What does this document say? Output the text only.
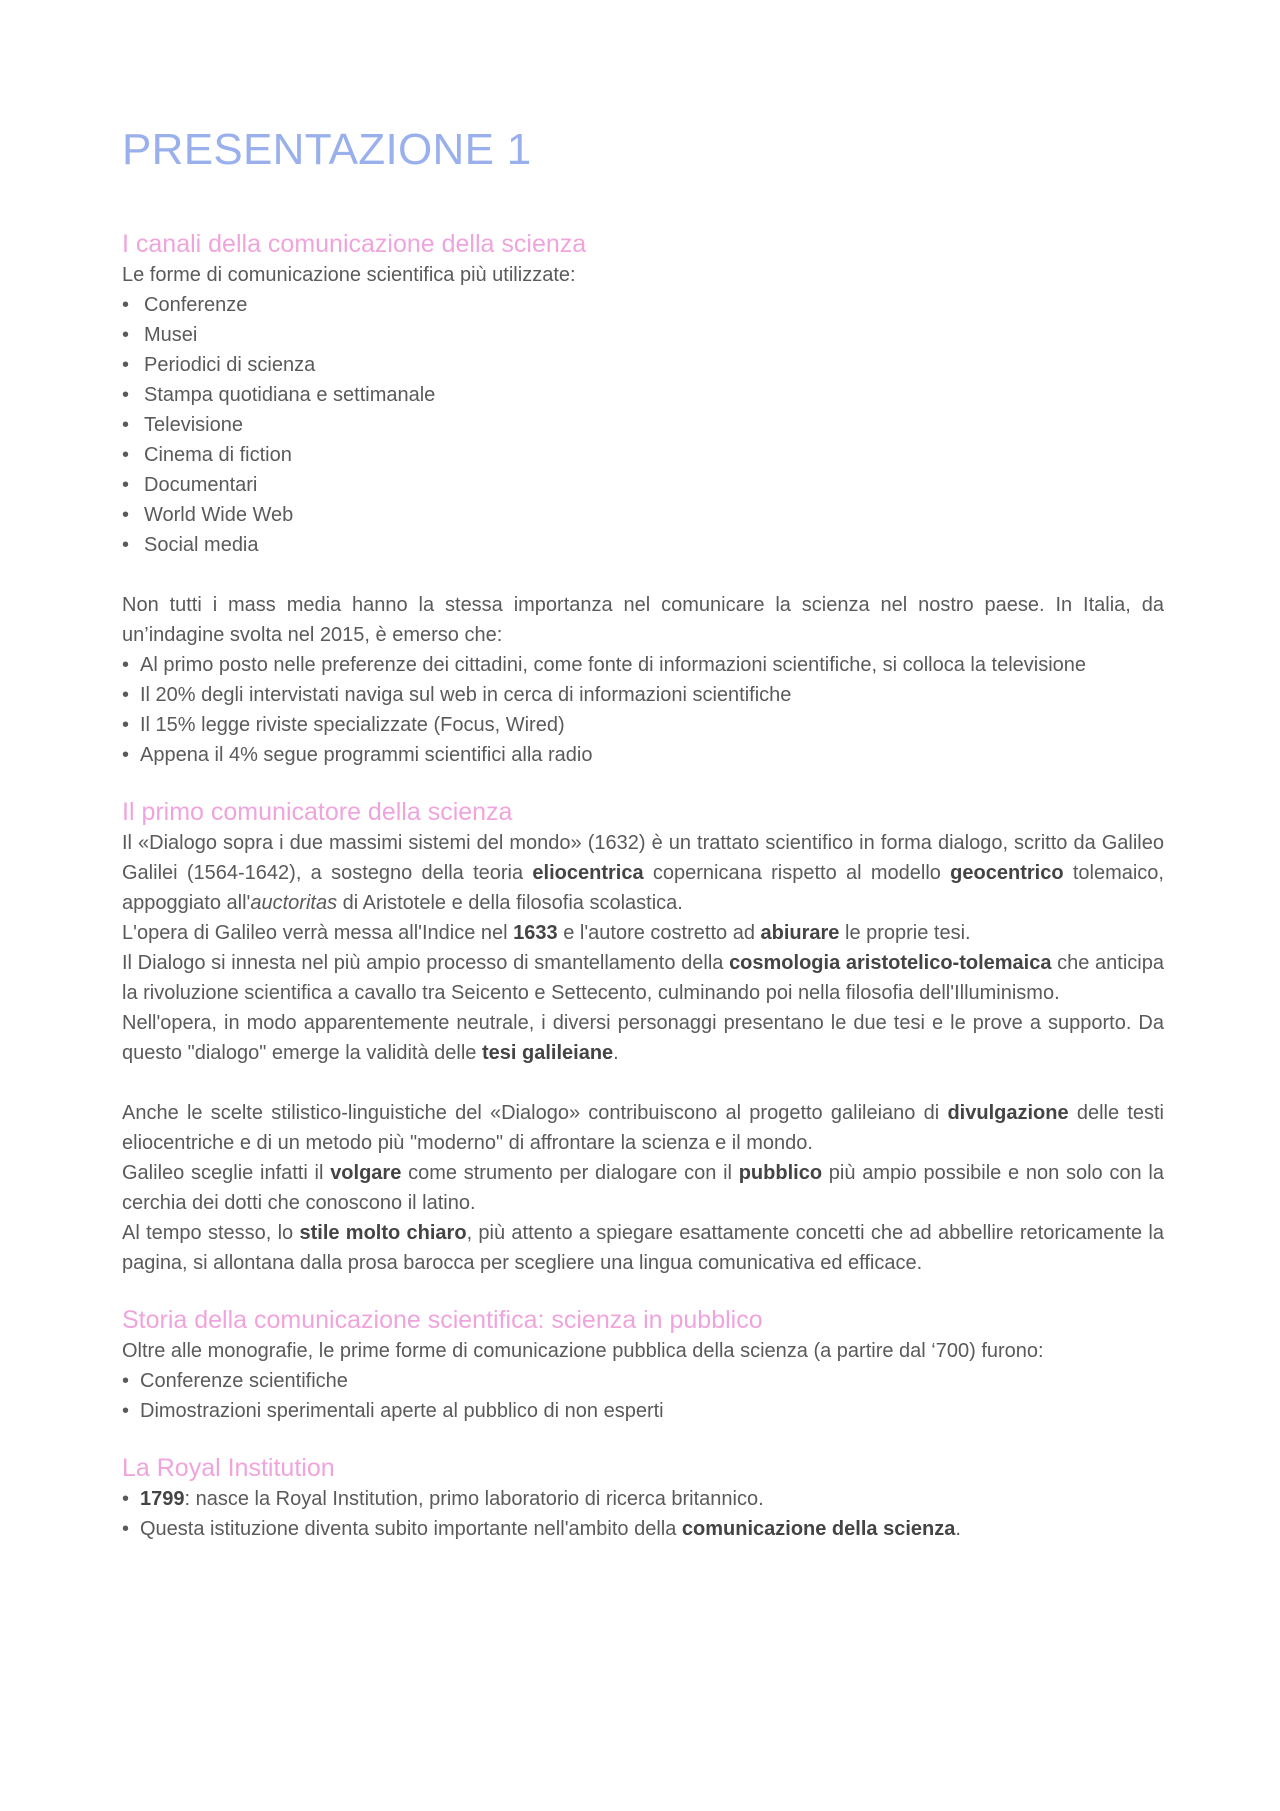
PRESENTAZIONE 1
I canali della comunicazione della scienza

Le forme di comunicazione scientifica più utilizzate:

• Conferenze
• Musei
• Periodici di scienza
• Stampa quotidiana e settimanale
• Televisione
• Cinema di fiction
• Documentari
• World Wide Web
• Social media

Non tutti i mass media hanno la stessa importanza nel comunicare la scienza nel nostro paese. In Italia, da un’indagine svolta nel 2015, è emerso che:

• Al primo posto nelle preferenze dei cittadini, come fonte di informazioni scientifiche, si colloca la televisione
• Il 20% degli intervistati naviga sul web in cerca di informazioni scientifiche
• Il 15% legge riviste specializzate (Focus, Wired)
• Appena il 4% segue programmi scientifici alla radio
Il primo comunicatore della scienza

Il «Dialogo sopra i due massimi sistemi del mondo» (1632) è un trattato scientifico in forma dialogo, scritto da Galileo Galilei (1564-1642), a sostegno della teoria eliocentrica copernicana rispetto al modello geocentrico tolemaico, appoggiato all'auctoritas di Aristotele e della filosofia scolastica.

L'opera di Galileo verrà messa all'Indice nel 1633 e l'autore costretto ad abiurare le proprie tesi.

Il Dialogo si innesta nel più ampio processo di smantellamento della cosmologia aristotelico-tolemaica che anticipa la rivoluzione scientifica a cavallo tra Seicento e Settecento, culminando poi nella filosofia dell'Illuminismo.

Nell'opera, in modo apparentemente neutrale, i diversi personaggi presentano le due tesi e le prove a supporto. Da questo "dialogo" emerge la validità delle tesi galileiane.

Anche le scelte stilistico-linguistiche del «Dialogo» contribuiscono al progetto galileiano di divulgazione delle testi eliocentriche e di un metodo più "moderno" di affrontare la scienza e il mondo.

Galileo sceglie infatti il volgare come strumento per dialogare con il pubblico più ampio possibile e non solo con la cerchia dei dotti che conoscono il latino.

Al tempo stesso, lo stile molto chiaro, più attento a spiegare esattamente concetti che ad abbellire retoricamente la pagina, si allontana dalla prosa barocca per scegliere una lingua comunicativa ed efficace.

Storia della comunicazione scientifica: scienza in pubblico

Oltre alle monografie, le prime forme di comunicazione pubblica della scienza (a partire dal ‘700) furono:

• Conferenze scientifiche
• Dimostrazioni sperimentali aperte al pubblico di non esperti
La Royal Institution
• 1799: nasce la Royal Institution, primo laboratorio di ricerca britannico.
• Questa istituzione diventa subito importante nell'ambito della comunicazione della scienza.
